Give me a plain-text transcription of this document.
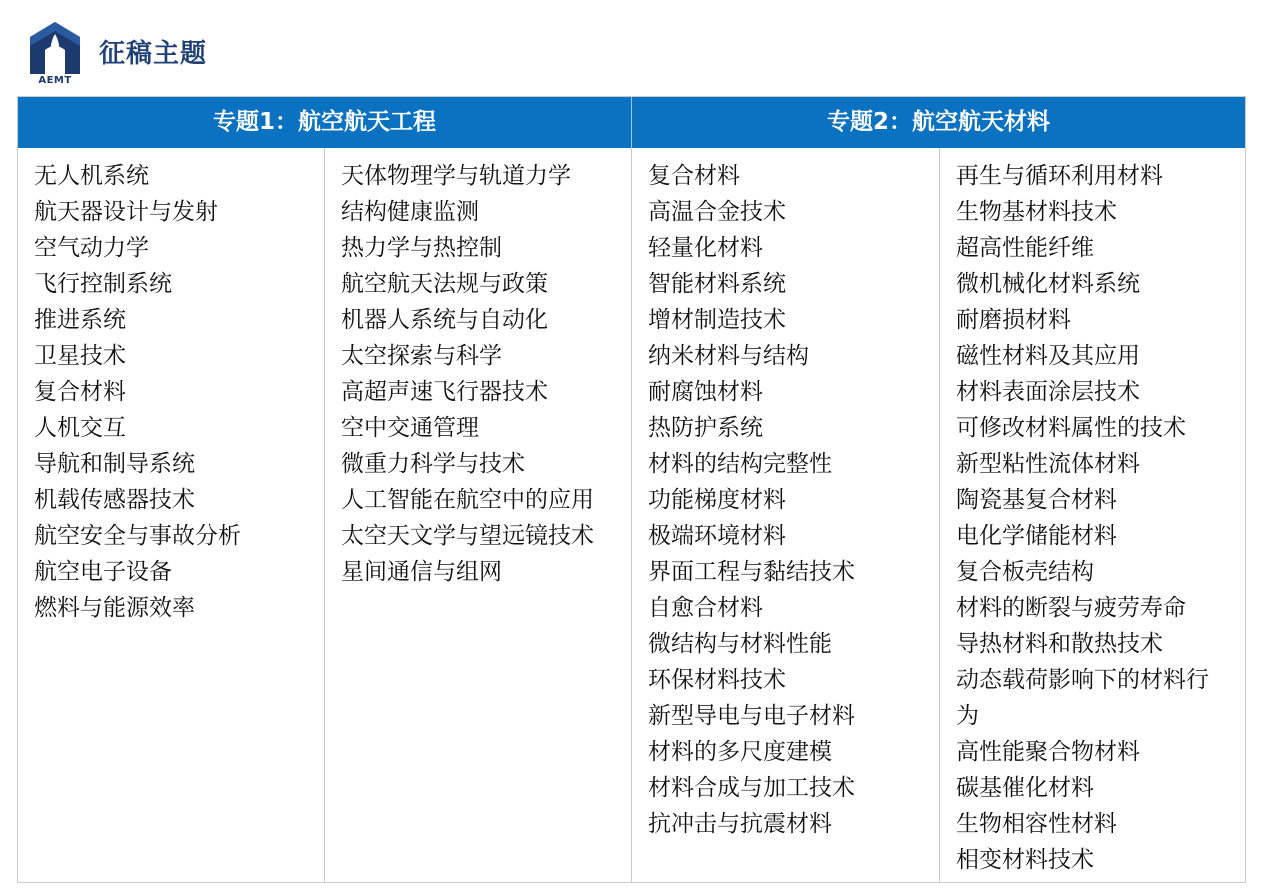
AEMT
征稿主题
专题1：航空航天工程	专题2：航空航天材料
无人机系统
航天器设计与发射
空气动力学
飞行控制系统
推进系统
卫星技术
复合材料
人机交互
导航和制导系统
机载传感器技术
航空安全与事故分析
航空电子设备
燃料与能源效率
天体物理学与轨道力学
结构健康监测
热力学与热控制
航空航天法规与政策
机器人系统与自动化
太空探索与科学
高超声速飞行器技术
空中交通管理
微重力科学与技术
人工智能在航空中的应用
太空天文学与望远镜技术
星间通信与组网
复合材料
高温合金技术
轻量化材料
智能材料系统
增材制造技术
纳米材料与结构
耐腐蚀材料
热防护系统
材料的结构完整性
功能梯度材料
极端环境材料
界面工程与黏结技术
自愈合材料
微结构与材料性能
环保材料技术
新型导电与电子材料
材料的多尺度建模
材料合成与加工技术
抗冲击与抗震材料
再生与循环利用材料
生物基材料技术
超高性能纤维
微机械化材料系统
耐磨损材料
磁性材料及其应用
材料表面涂层技术
可修改材料属性的技术
新型粘性流体材料
陶瓷基复合材料
电化学储能材料
复合板壳结构
材料的断裂与疲劳寿命
导热材料和散热技术
动态载荷影响下的材料行
为
高性能聚合物材料
碳基催化材料
生物相容性材料
相变材料技术
